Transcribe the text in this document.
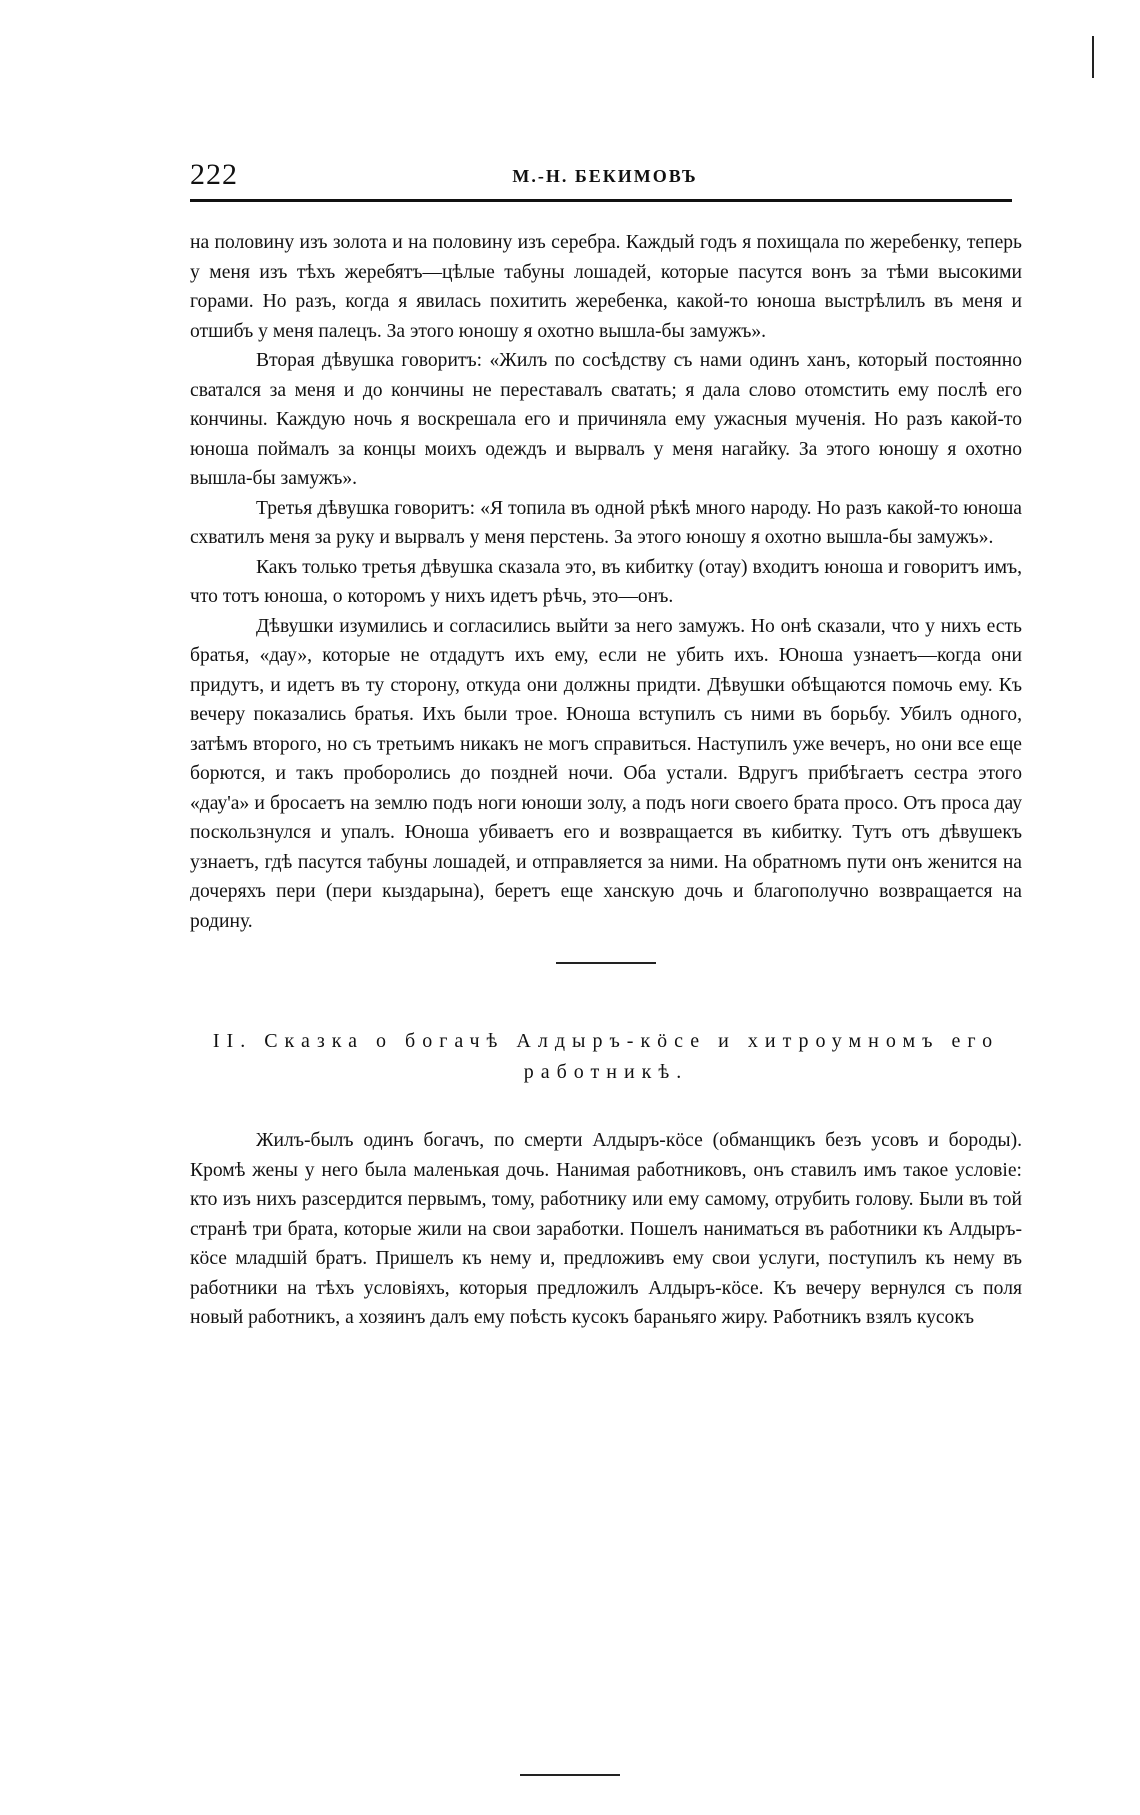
222	М.-Н. БЕКИМОВЪ

на половину изъ золота и на половину изъ серебра. Каждый годъ я похищала по жеребенку, теперь у меня изъ тѣхъ жеребятъ—цѣлые табуны лошадей, которые пасутся вонъ за тѣми высокими горами. Но разъ, когда я явилась похитить жеребенка, какой-то юноша выстрѣлилъ въ меня и отшибъ у меня палецъ. За этого юношу я охотно вышла-бы замужъ».

Вторая дѣвушка говоритъ: «Жилъ по сосѣдству съ нами одинъ ханъ, который постоянно сватался за меня и до кончины не переставалъ сватать; я дала слово отомстить ему послѣ его кончины. Каждую ночь я воскрешала его и причиняла ему ужасныя мученія. Но разъ какой-то юноша поймалъ за концы моихъ одеждъ и вырвалъ у меня нагайку. За этого юношу я охотно вышла-бы замужъ».

Третья дѣвушка говоритъ: «Я топила въ одной рѣкѣ много народу. Но разъ какой-то юноша схватилъ меня за руку и вырвалъ у меня перстень. За этого юношу я охотно вышла-бы замужъ».

Какъ только третья дѣвушка сказала это, въ кибитку (отау) входитъ юноша и говоритъ имъ, что тотъ юноша, о которомъ у нихъ идетъ рѣчь, это—онъ.

Дѣвушки изумились и согласились выйти за него замужъ. Но онѣ сказали, что у нихъ есть братья, «дау», которые не отдадутъ ихъ ему, если не убить ихъ. Юноша узнаетъ—когда они придутъ, и идетъ въ ту сторону, откуда они должны придти. Дѣвушки обѣщаются помочь ему. Къ вечеру показались братья. Ихъ были трое. Юноша вступилъ съ ними въ борьбу. Убилъ одного, затѣмъ второго, но съ третьимъ никакъ не могъ справиться. Наступилъ уже вечеръ, но они все еще борются, и такъ проборолись до поздней ночи. Оба устали. Вдругъ прибѣгаетъ сестра этого «дау'а» и бросаетъ на землю подъ ноги юноши золу, а подъ ноги своего брата просо. Отъ проса дау поскользнулся и упалъ. Юноша убиваетъ его и возвращается въ кибитку. Тутъ отъ дѣвушекъ узнаетъ, гдѣ пасутся табуны лошадей, и отправляется за ними. На обратномъ пути онъ женится на дочеряхъ пери (пери кыздарына), беретъ еще ханскую дочь и благополучно возвращается на родину.

II. Сказка о богачѣ Алдыръ-кöсе и хитроумномъ его работникѣ.

Жилъ-былъ одинъ богачъ, по смерти Алдыръ-кöсе (обманщикъ безъ усовъ и бороды). Кромѣ жены у него была маленькая дочь. Нанимая работниковъ, онъ ставилъ имъ такое условіе: кто изъ нихъ разсердится первымъ, тому, работнику или ему самому, отрубить голову. Были въ той странѣ три брата, которые жили на свои заработки. Пошелъ наниматься въ работники къ Алдыръ-кöсе младшій братъ. Пришелъ къ нему и, предложивъ ему свои услуги, поступилъ къ нему въ работники на тѣхъ условіяхъ, которыя предложилъ Алдыръ-кöсе. Къ вечеру вернулся съ поля новый работникъ, а хозяинъ далъ ему поѣсть кусокъ бараньяго жиру. Работникъ взялъ кусокъ
